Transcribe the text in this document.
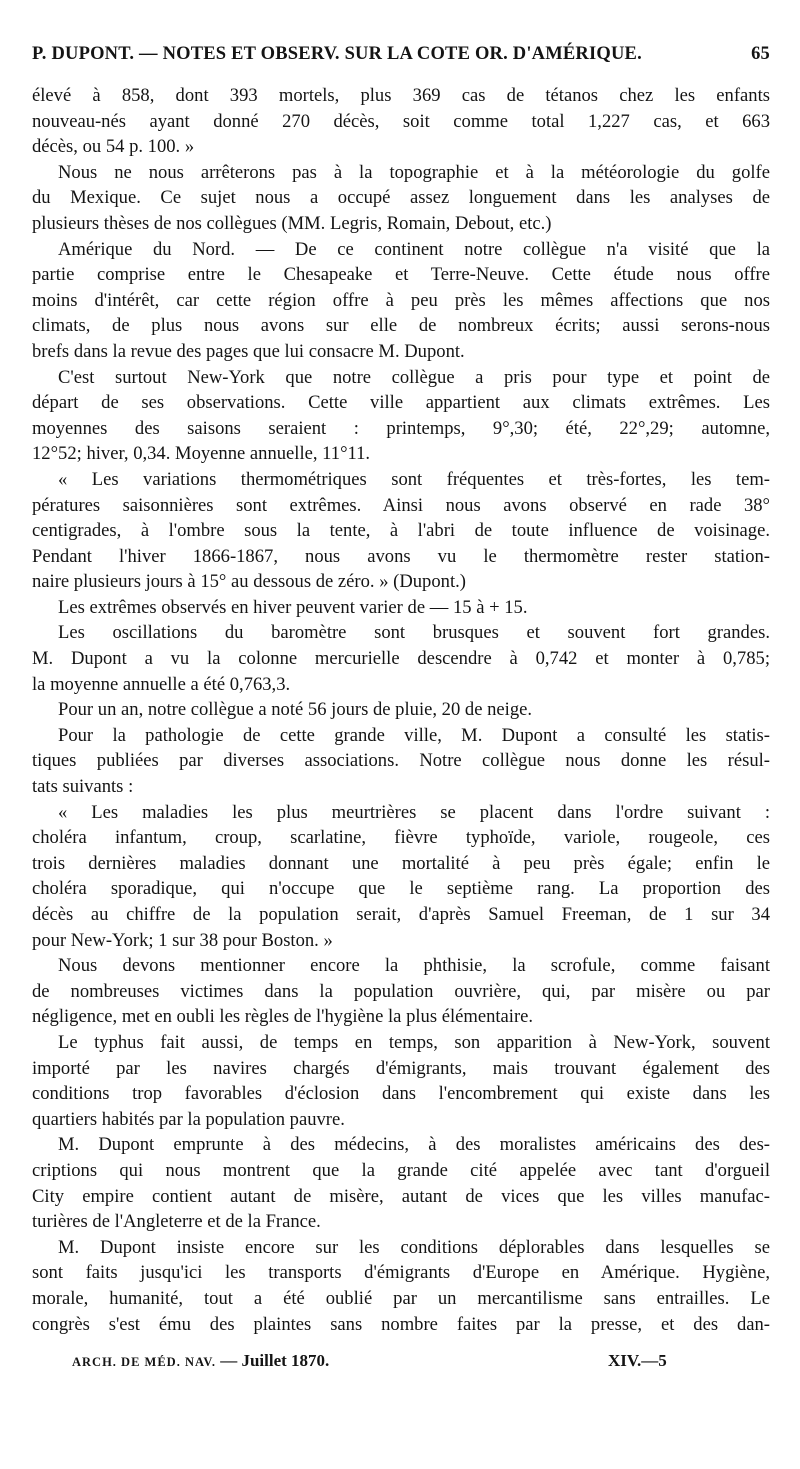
P. DUPONT. — NOTES ET OBSERV. SUR LA COTE OR. D'AMÉRIQUE.	65
élevé à 858, dont 393 mortels, plus 369 cas de tétanos chez les enfants
nouveau-nés ayant donné 270 décès, soit comme total 1,227 cas, et 663
décès, ou 54 p. 100. »
Nous ne nous arrêterons pas à la topographie et à la météorologie du golfe
du Mexique. Ce sujet nous a occupé assez longuement dans les analyses de
plusieurs thèses de nos collègues (MM. Legris, Romain, Debout, etc.)
Amérique du Nord. — De ce continent notre collègue n'a visité que la
partie comprise entre le Chesapeake et Terre-Neuve. Cette étude nous offre
moins d'intérêt, car cette région offre à peu près les mêmes affections que nos
climats, de plus nous avons sur elle de nombreux écrits; aussi serons-nous
brefs dans la revue des pages que lui consacre M. Dupont.
C'est surtout New-York que notre collègue a pris pour type et point de
départ de ses observations. Cette ville appartient aux climats extrêmes. Les
moyennes des saisons seraient : printemps, 9°,30; été, 22°,29; automne,
12°52; hiver, 0,34. Moyenne annuelle, 11°11.
« Les variations thermométriques sont fréquentes et très-fortes, les tem-
pératures saisonnières sont extrêmes. Ainsi nous avons observé en rade 38°
centigrades, à l'ombre sous la tente, à l'abri de toute influence de voisinage.
Pendant l'hiver 1866-1867, nous avons vu le thermomètre rester station-
naire plusieurs jours à 15° au dessous de zéro. » (Dupont.)
Les extrêmes observés en hiver peuvent varier de — 15 à + 15.
Les oscillations du baromètre sont brusques et souvent fort grandes.
M. Dupont a vu la colonne mercurielle descendre à 0,742 et monter à 0,785;
la moyenne annuelle a été 0,763,3.
Pour un an, notre collègue a noté 56 jours de pluie, 20 de neige.
Pour la pathologie de cette grande ville, M. Dupont a consulté les statis-
tiques publiées par diverses associations. Notre collègue nous donne les résul-
tats suivants :
« Les maladies les plus meurtrières se placent dans l'ordre suivant :
choléra infantum, croup, scarlatine, fièvre typhoïde, variole, rougeole, ces
trois dernières maladies donnant une mortalité à peu près égale; enfin le
choléra sporadique, qui n'occupe que le septième rang. La proportion des
décès au chiffre de la population serait, d'après Samuel Freeman, de 1 sur 34
pour New-York; 1 sur 38 pour Boston. »
Nous devons mentionner encore la phthisie, la scrofule, comme faisant
de nombreuses victimes dans la population ouvrière, qui, par misère ou par
négligence, met en oubli les règles de l'hygiène la plus élémentaire.
Le typhus fait aussi, de temps en temps, son apparition à New-York, souvent
importé par les navires chargés d'émigrants, mais trouvant également des
conditions trop favorables d'éclosion dans l'encombrement qui existe dans les
quartiers habités par la population pauvre.
M. Dupont emprunte à des médecins, à des moralistes américains des des-
criptions qui nous montrent que la grande cité appelée avec tant d'orgueil
City empire contient autant de misère, autant de vices que les villes manufac-
turières de l'Angleterre et de la France.
M. Dupont insiste encore sur les conditions déplorables dans lesquelles se
sont faits jusqu'ici les transports d'émigrants d'Europe en Amérique. Hygiène,
morale, humanité, tout a été oublié par un mercantilisme sans entrailles. Le
congrès s'est ému des plaintes sans nombre faites par la presse, et des dan-
ARCH. DE MÉD. NAV. — Juillet 1870.	XIV.—5
